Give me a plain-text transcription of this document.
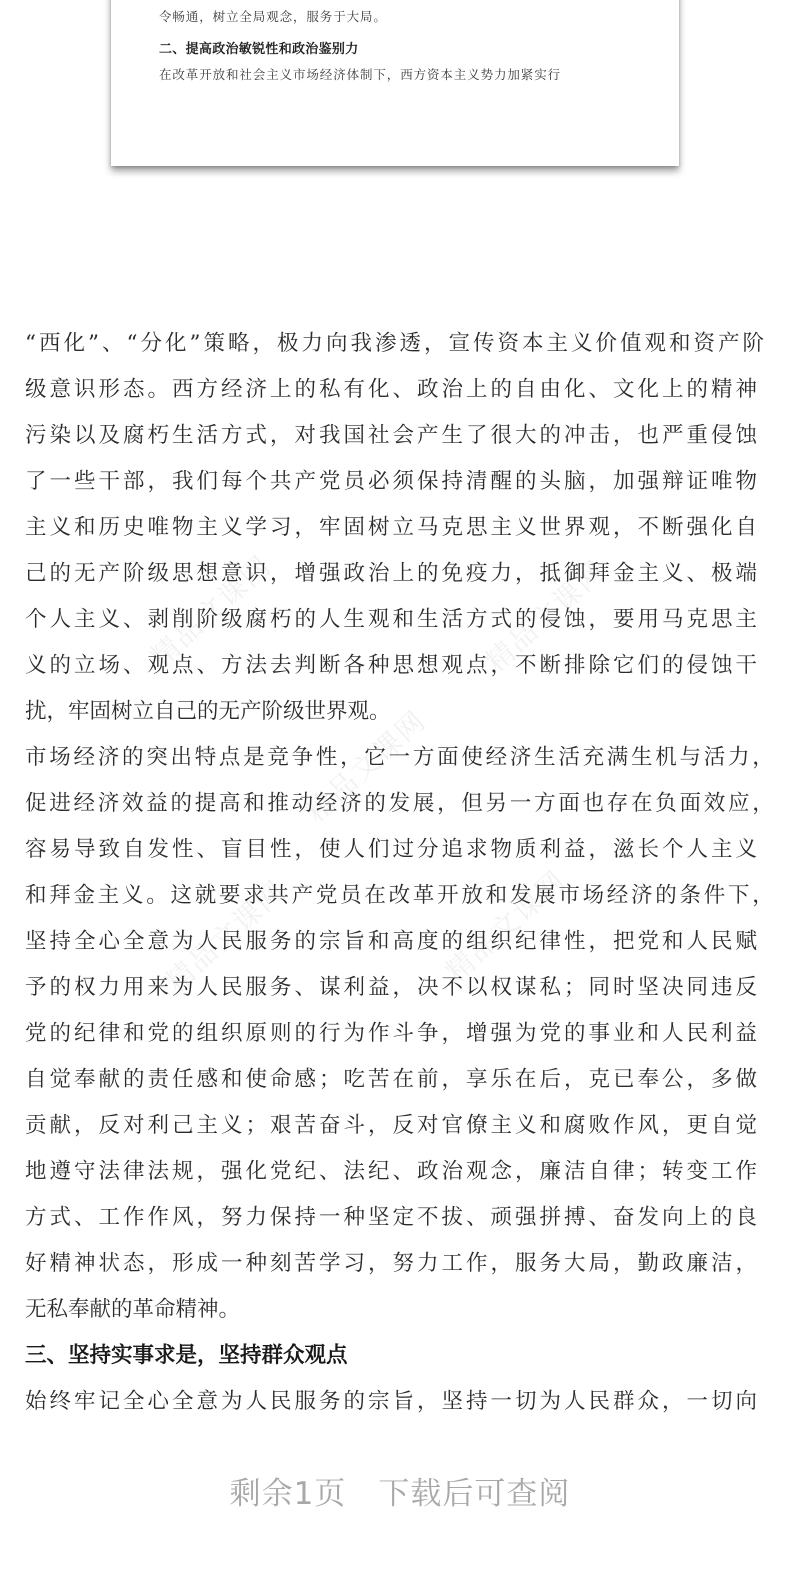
令畅通，树立全局观念，服务于大局。
二、提高政治敏锐性和政治鉴别力
在改革开放和社会主义市场经济体制下，西方资本主义势力加紧实行
精品文课网	精品文课网
精品文课网
精品文课网	精品文课网
“西化”、“分化”策略，极力向我渗透，宣传资本主义价值观和资产阶
级意识形态。西方经济上的私有化、政治上的自由化、文化上的精神
污染以及腐朽生活方式，对我国社会产生了很大的冲击，也严重侵蚀
了一些干部，我们每个共产党员必须保持清醒的头脑，加强辩证唯物
主义和历史唯物主义学习，牢固树立马克思主义世界观，不断强化自
己的无产阶级思想意识，增强政治上的免疫力，抵御拜金主义、极端
个人主义、剥削阶级腐朽的人生观和生活方式的侵蚀，要用马克思主
义的立场、观点、方法去判断各种思想观点，不断排除它们的侵蚀干
扰，牢固树立自己的无产阶级世界观。
市场经济的突出特点是竞争性，它一方面使经济生活充满生机与活力，
促进经济效益的提高和推动经济的发展，但另一方面也存在负面效应，
容易导致自发性、盲目性，使人们过分追求物质利益，滋长个人主义
和拜金主义。这就要求共产党员在改革开放和发展市场经济的条件下，
坚持全心全意为人民服务的宗旨和高度的组织纪律性，把党和人民赋
予的权力用来为人民服务、谋利益，决不以权谋私；同时坚决同违反
党的纪律和党的组织原则的行为作斗争，增强为党的事业和人民利益
自觉奉献的责任感和使命感；吃苦在前，享乐在后，克已奉公，多做
贡献，反对利己主义；艰苦奋斗，反对官僚主义和腐败作风，更自觉
地遵守法律法规，强化党纪、法纪、政治观念，廉洁自律；转变工作
方式、工作作风，努力保持一种坚定不拔、顽强拼搏、奋发向上的良
好精神状态，形成一种刻苦学习，努力工作，服务大局，勤政廉洁，
无私奉献的革命精神。
三、坚持实事求是，坚持群众观点
始终牢记全心全意为人民服务的宗旨，坚持一切为人民群众，一切向
剩余1页　下载后可查阅
